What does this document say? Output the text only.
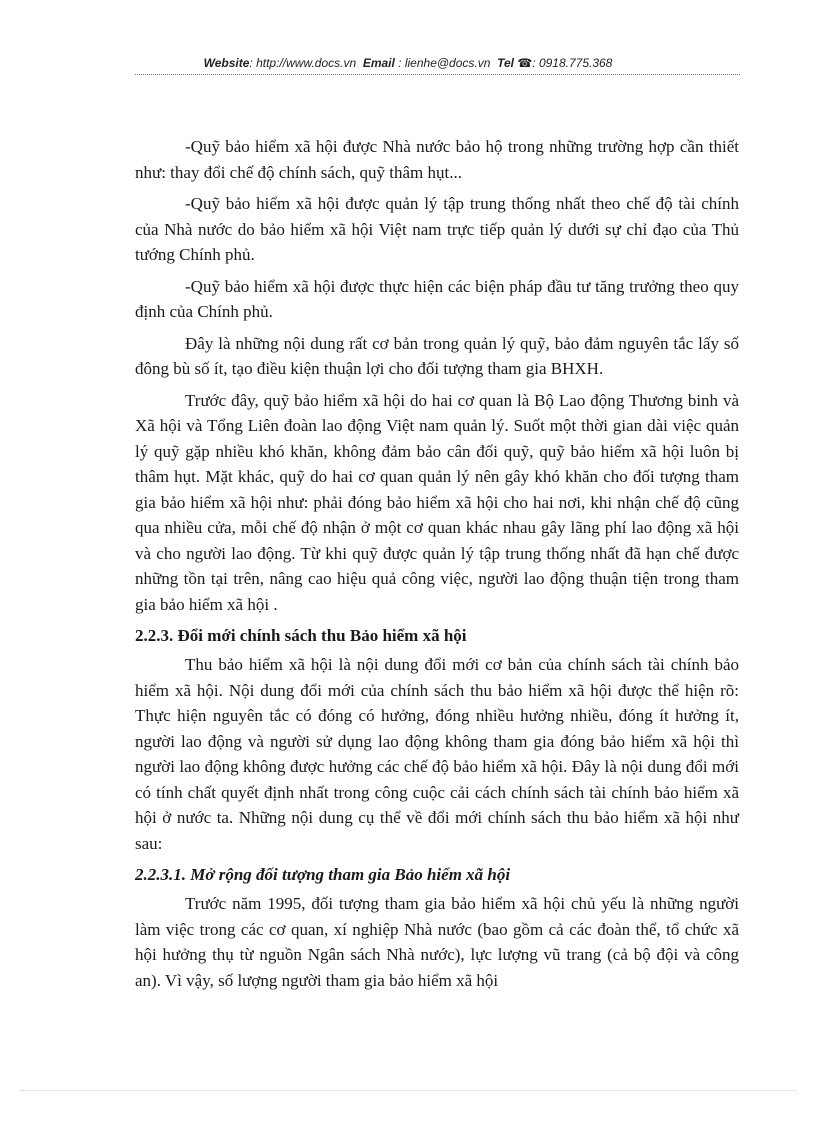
Website: http://www.docs.vn Email : lienhe@docs.vn Tel ☎: 0918.775.368

-Quỹ bảo hiểm xã hội được Nhà nước bảo hộ trong những trường hợp cần thiết như: thay đổi chế độ chính sách, quỹ thâm hụt...

-Quỹ bảo hiểm xã hội được quản lý tập trung thống nhất theo chế độ tài chính của Nhà nước do bảo hiểm xã hội Việt nam trực tiếp quản lý dưới sự chỉ đạo của Thủ tướng Chính phủ.

-Quỹ bảo hiểm xã hội được thực hiện các biện pháp đầu tư tăng trưởng theo quy định của Chính phủ.

Đây là những nội dung rất cơ bản trong quản lý quỹ, bảo đảm nguyên tắc lấy số đông bù số ít, tạo điều kiện thuận lợi cho đối tượng tham gia BHXH.

Trước đây, quỹ bảo hiểm xã hội do hai cơ quan là Bộ Lao động Thương binh và Xã hội và Tổng Liên đoàn lao động Việt nam quản lý. Suốt một thời gian dài việc quản lý quỹ gặp nhiều khó khăn, không đảm bảo cân đối quỹ, quỹ bảo hiểm xã hội luôn bị thâm hụt. Mặt khác, quỹ do hai cơ quan quản lý nên gây khó khăn cho đối tượng tham gia bảo hiểm xã hội như: phải đóng bảo hiểm xã hội cho hai nơi, khi nhận chế độ cũng qua nhiều cửa, mỗi chế độ nhận ở một cơ quan khác nhau gây lãng phí lao động xã hội và cho người lao động. Từ khi quỹ được quản lý tập trung thống nhất đã hạn chế được những tồn tại trên, nâng cao hiệu quả công việc, người lao động thuận tiện trong tham gia bảo hiểm xã hội .

2.2.3. Đổi mới chính sách thu Bảo hiểm xã hội

Thu bảo hiểm xã hội là nội dung đổi mới cơ bản của chính sách tài chính bảo hiểm xã hội. Nội dung đổi mới của chính sách thu bảo hiểm xã hội được thể hiện rõ: Thực hiện nguyên tắc có đóng có hưởng, đóng nhiều hưởng nhiều, đóng ít hưởng ít, người lao động và người sử dụng lao động không tham gia đóng bảo hiểm xã hội thì người lao động không được hưởng các chế độ bảo hiểm xã hội. Đây là nội dung đổi mới có tính chất quyết định nhất trong công cuộc cải cách chính sách tài chính bảo hiểm xã hội ở nước ta. Những nội dung cụ thể về đổi mới chính sách thu bảo hiểm xã hội như sau:

2.2.3.1. Mở rộng đối tượng tham gia Bảo hiểm xã hội

Trước năm 1995, đối tượng tham gia bảo hiểm xã hội chủ yếu là những người làm việc trong các cơ quan, xí nghiệp Nhà nước (bao gồm cả các đoàn thể, tổ chức xã hội hưởng thụ từ nguồn Ngân sách Nhà nước), lực lượng vũ trang (cả bộ đội và công an). Vì vậy, số lượng người tham gia bảo hiểm xã hội
